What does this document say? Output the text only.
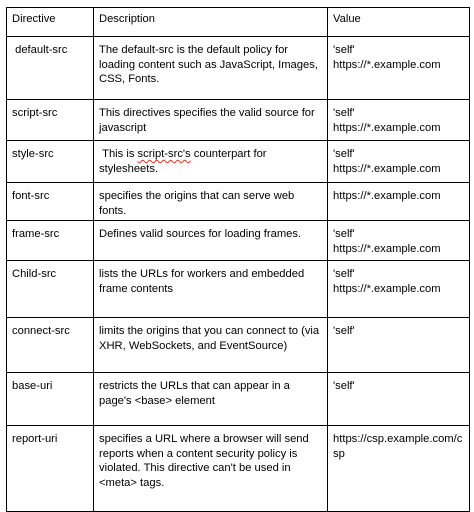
Directive	Description	Value
default-src	The default-src is the default policy for loading content such as JavaScript, Images, CSS, Fonts.	'self' https://*.example.com
script-src	This directives specifies the valid source for javascript	'self' https://*.example.com
style-src	This is script-src's counterpart for stylesheets.	'self' https://*.example.com
font-src	specifies the origins that can serve web fonts.	https://*.example.com
frame-src	Defines valid sources for loading frames.	'self' https://*.example.com
Child-src	lists the URLs for workers and embedded frame contents	'self' https://*.example.com
connect-src	limits the origins that you can connect to (via XHR, WebSockets, and EventSource)	'self'
base-uri	restricts the URLs that can appear in a page's <base> element	'self'
report-uri	specifies a URL where a browser will send reports when a content security policy is violated. This directive can't be used in <meta> tags.	https://csp.example.com/csp
